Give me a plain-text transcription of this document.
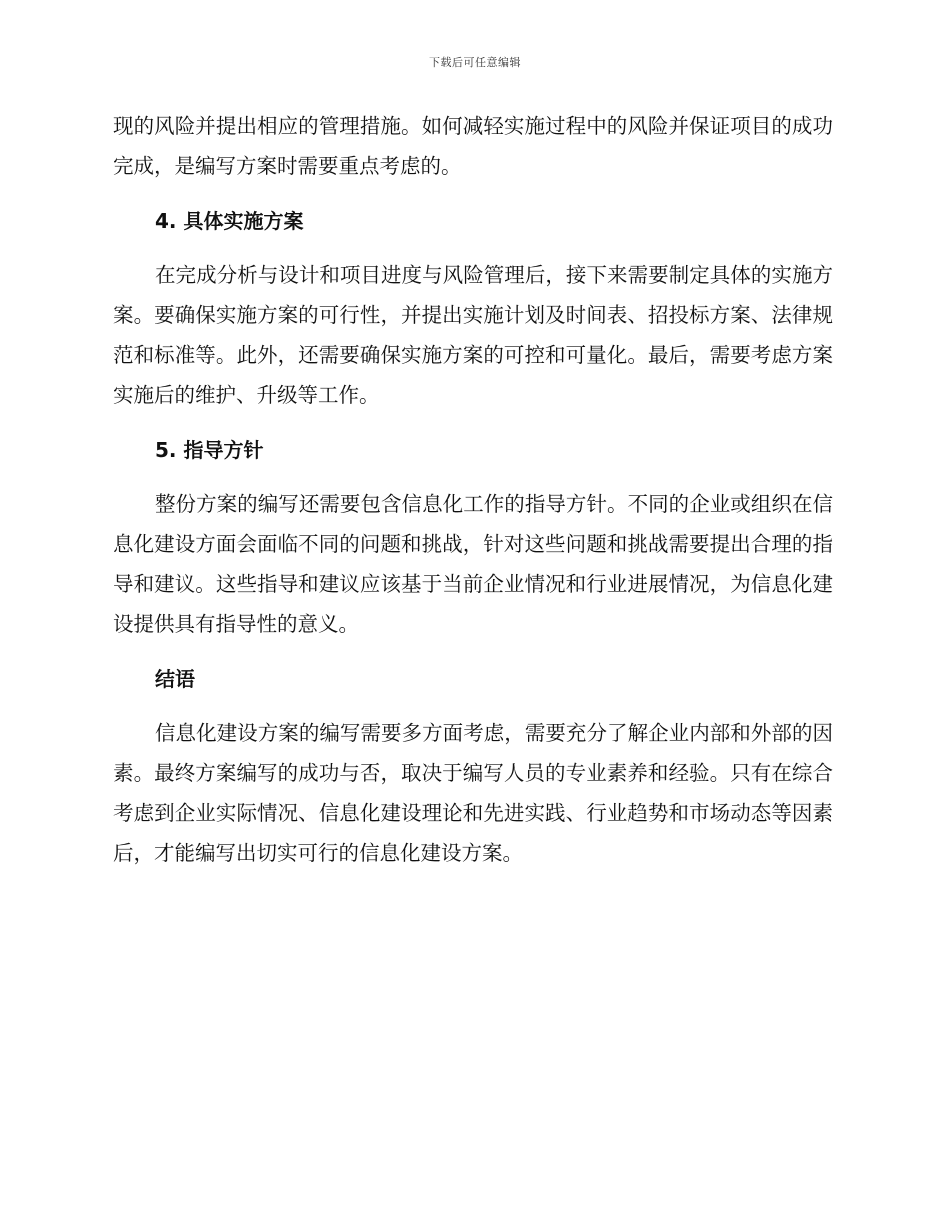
下载后可任意编辑

现的风险并提出相应的管理措施。如何减轻实施过程中的风险并保证项目的成功完成，是编写方案时需要重点考虑的。

4. 具体实施方案

在完成分析与设计和项目进度与风险管理后，接下来需要制定具体的实施方案。要确保实施方案的可行性，并提出实施计划及时间表、招投标方案、法律规范和标准等。此外，还需要确保实施方案的可控和可量化。最后，需要考虑方案实施后的维护、升级等工作。

5. 指导方针

整份方案的编写还需要包含信息化工作的指导方针。不同的企业或组织在信息化建设方面会面临不同的问题和挑战，针对这些问题和挑战需要提出合理的指导和建议。这些指导和建议应该基于当前企业情况和行业进展情况，为信息化建设提供具有指导性的意义。

结语

信息化建设方案的编写需要多方面考虑，需要充分了解企业内部和外部的因素。最终方案编写的成功与否，取决于编写人员的专业素养和经验。只有在综合考虑到企业实际情况、信息化建设理论和先进实践、行业趋势和市场动态等因素后，才能编写出切实可行的信息化建设方案。
